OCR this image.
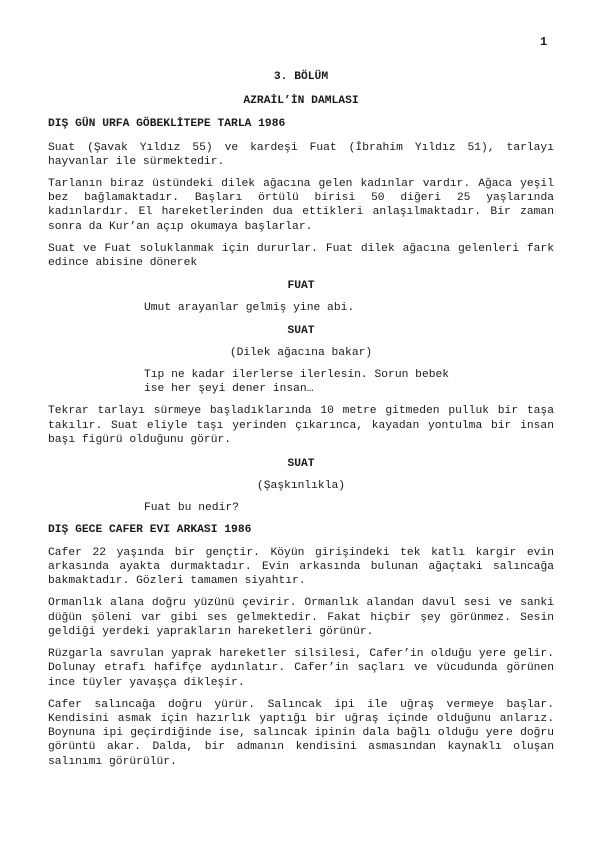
1

3. BÖLÜM

AZRAİL’İN DAMLASI

DIŞ GÜN URFA GÖBEKLİTEPE TARLA 1986

Suat (Şavak Yıldız 55) ve kardeşi Fuat (İbrahim Yıldız 51), tarlayı hayvanlar ile sürmektedir.

Tarlanın biraz üstündeki dilek ağacına gelen kadınlar vardır. Ağaca yeşil bez bağlamaktadır. Başları örtülü birisi 50 diğeri 25 yaşlarında kadınlardır. El hareketlerinden dua ettikleri anlaşılmaktadır. Bir zaman sonra da Kur’an açıp okumaya başlarlar.

Suat ve Fuat soluklanmak için dururlar. Fuat dilek ağacına gelenleri fark edince abisine dönerek

FUAT

Umut arayanlar gelmiş yine abi.

SUAT

(Dilek ağacına bakar)

Tıp ne kadar ilerlerse ilerlesin. Sorun bebek ise her şeyi dener insan…

Tekrar tarlayı sürmeye başladıklarında 10 metre gitmeden pulluk bir taşa takılır. Suat eliyle taşı yerinden çıkarınca, kayadan yontulma bir insan başı figürü olduğunu görür.

SUAT

(Şaşkınlıkla)

Fuat bu nedir?

DIŞ GECE CAFER EVI ARKASI 1986

Cafer 22 yaşında bir gençtir. Köyün girişindeki tek katlı kargir evin arkasında ayakta durmaktadır. Evin arkasında bulunan ağaçtaki salıncağa bakmaktadır. Gözleri tamamen siyahtır.

Ormanlık alana doğru yüzünü çevirir. Ormanlık alandan davul sesi ve sanki düğün şöleni var gibi ses gelmektedir. Fakat hiçbir şey görünmez. Sesin geldiği yerdeki yaprakların hareketleri görünür.

Rüzgarla savrulan yaprak hareketler silsilesi, Cafer’in olduğu yere gelir. Dolunay etrafı hafifçe aydınlatır. Cafer’in saçları ve vücudunda görünen ince tüyler yavaşça dikleşir.

Cafer salıncağa doğru yürür. Salıncak ipi ile uğraş vermeye başlar. Kendisini asmak için hazırlık yaptığı bir uğraş içinde olduğunu anlarız. Boynuna ipi geçirdiğinde ise, salıncak ipinin dala bağlı olduğu yere doğru görüntü akar. Dalda, bir admanın kendisini asmasından kaynaklı oluşan salınımı görürülür.
